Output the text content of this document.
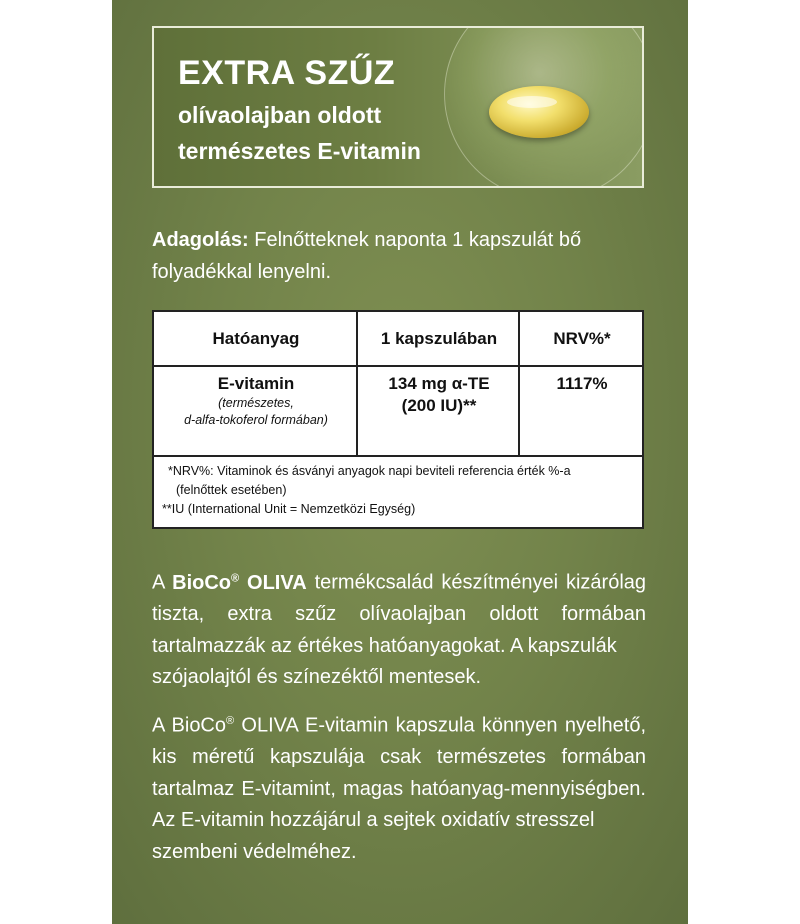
EXTRA SZŰZ
olívaolajban oldott
természetes E-vitamin
Adagolás: Felnőtteknek naponta 1 kapszulát bő folyadékkal lenyelni.
Hatóanyag	1 kapszulában	NRV%*
E-vitamin
(természetes,
d-alfa-tokoferol formában)
134 mg α-TE
(200 IU)**
1117%
*NRV%: Vitaminok és ásványi anyagok napi beviteli referencia érték %-a
(felnőttek esetében)
**IU (International Unit = Nemzetközi Egység)
A BioCo® OLIVA termékcsalád készítményei kizárólag tiszta, extra szűz olívaolajban oldott formában tartalmazzák az értékes hatóanyagokat. A kapszulák
szójaolajtól és színezéktől mentesek.
A BioCo® OLIVA E-vitamin kapszula könnyen nyelhető, kis méretű kapszulája csak természetes formában tartalmaz E-vitamint, magas hatóanyag-mennyiségben. Az E-vitamin hozzájárul a sejtek oxidatív stresszel
szembeni védelméhez.
